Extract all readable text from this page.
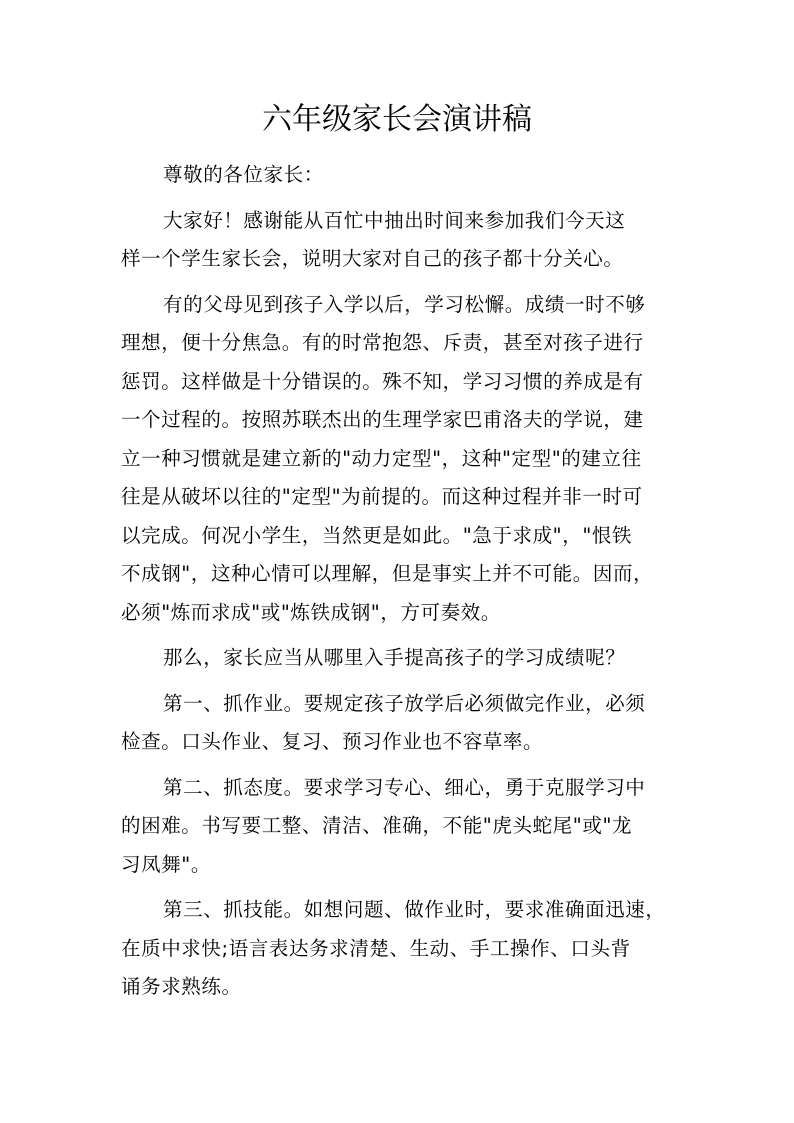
六年级家长会演讲稿
尊敬的各位家长：
大家好！感谢能从百忙中抽出时间来参加我们今天这
样一个学生家长会，说明大家对自己的孩子都十分关心。
有的父母见到孩子入学以后，学习松懈。成绩一时不够
理想，便十分焦急。有的时常抱怨、斥责，甚至对孩子进行
惩罚。这样做是十分错误的。殊不知，学习习惯的养成是有
一个过程的。按照苏联杰出的生理学家巴甫洛夫的学说，建
立一种习惯就是建立新的"动力定型"，这种"定型"的建立往
往是从破坏以往的"定型"为前提的。而这种过程并非一时可
以完成。何况小学生，当然更是如此。"急于求成"，"恨铁
不成钢"，这种心情可以理解，但是事实上并不可能。因而，
必须"炼而求成"或"炼铁成钢"，方可奏效。
那么，家长应当从哪里入手提高孩子的学习成绩呢？
第一、抓作业。要规定孩子放学后必须做完作业，必须
检查。口头作业、复习、预习作业也不容草率。
第二、抓态度。要求学习专心、细心，勇于克服学习中
的困难。书写要工整、清洁、准确，不能"虎头蛇尾"或"龙
习凤舞"。
第三、抓技能。如想问题、做作业时，要求准确面迅速，
在质中求快;语言表达务求清楚、生动、手工操作、口头背
诵务求熟练。
